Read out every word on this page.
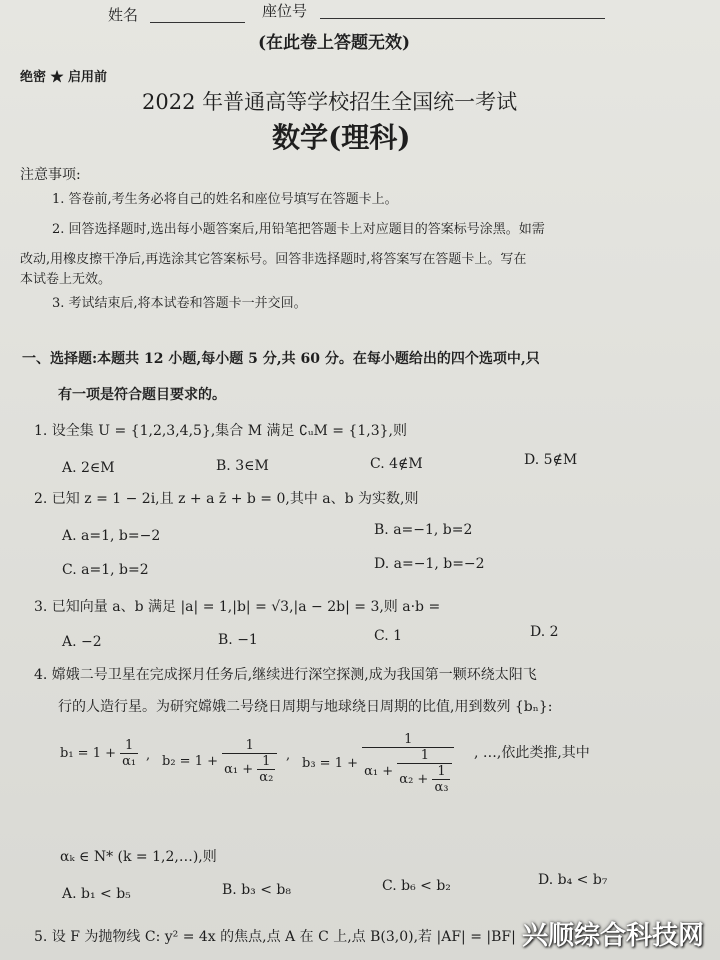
姓名	座位号
(在此卷上答题无效)
绝密 ★ 启用前
2022 年普通高等学校招生全国统一考试
数学(理科)
注意事项:
1. 答卷前,考生务必将自己的姓名和座位号填写在答题卡上。
2. 回答选择题时,选出每小题答案后,用铅笔把答题卡上对应题目的答案标号涂黑。如需
改动,用橡皮擦干净后,再选涂其它答案标号。回答非选择题时,将答案写在答题卡上。写在
本试卷上无效。
3. 考试结束后,将本试卷和答题卡一并交回。
一、选择题:本题共 12 小题,每小题 5 分,共 60 分。在每小题给出的四个选项中,只
有一项是符合题目要求的。
1. 设全集 U = {1,2,3,4,5},集合 M 满足 ∁ᵤM = {1,3},则
A. 2∈M	B. 3∈M	C. 4∉M	D. 5∉M
2. 已知 z = 1 − 2i,且 z + a z̄ + b = 0,其中 a、b 为实数,则
A. a=1, b=−2	B. a=−1, b=2
C. a=1, b=2	D. a=−1, b=−2
3. 已知向量 a、b 满足 |a| = 1,|b| = √3,|a − 2b| = 3,则 a·b =
A. −2	B. −1	C. 1	D. 2
4. 嫦娥二号卫星在完成探月任务后,继续进行深空探测,成为我国第一颗环绕太阳飞
行的人造行星。为研究嫦娥二号绕日周期与地球绕日周期的比值,用到数列 {bₙ}:
$b_1 = 1 + \frac{1}{\text{α₁}}$ , $b_2 = 1 + \frac{1}{\alpha_1 + \frac{1}{\text{α₂}}}$ ,
b₃ = 1 +
1
$\alpha_1 + \frac{1}{\alpha_2 + \frac{1}{\text{α₃}}}$ , …,依此类推,其中
αₖ ∈ N* (k = 1,2,…),则
A. b₁ < b₅	B. b₃ < b₈	C. b₆ < b₂	D. b₄ < b₇
5. 设 F 为抛物线 C: y² = 4x 的焦点,点 A 在 C 上,点 B(3,0),若 |AF| = |BF| 兴顺综合科技网
